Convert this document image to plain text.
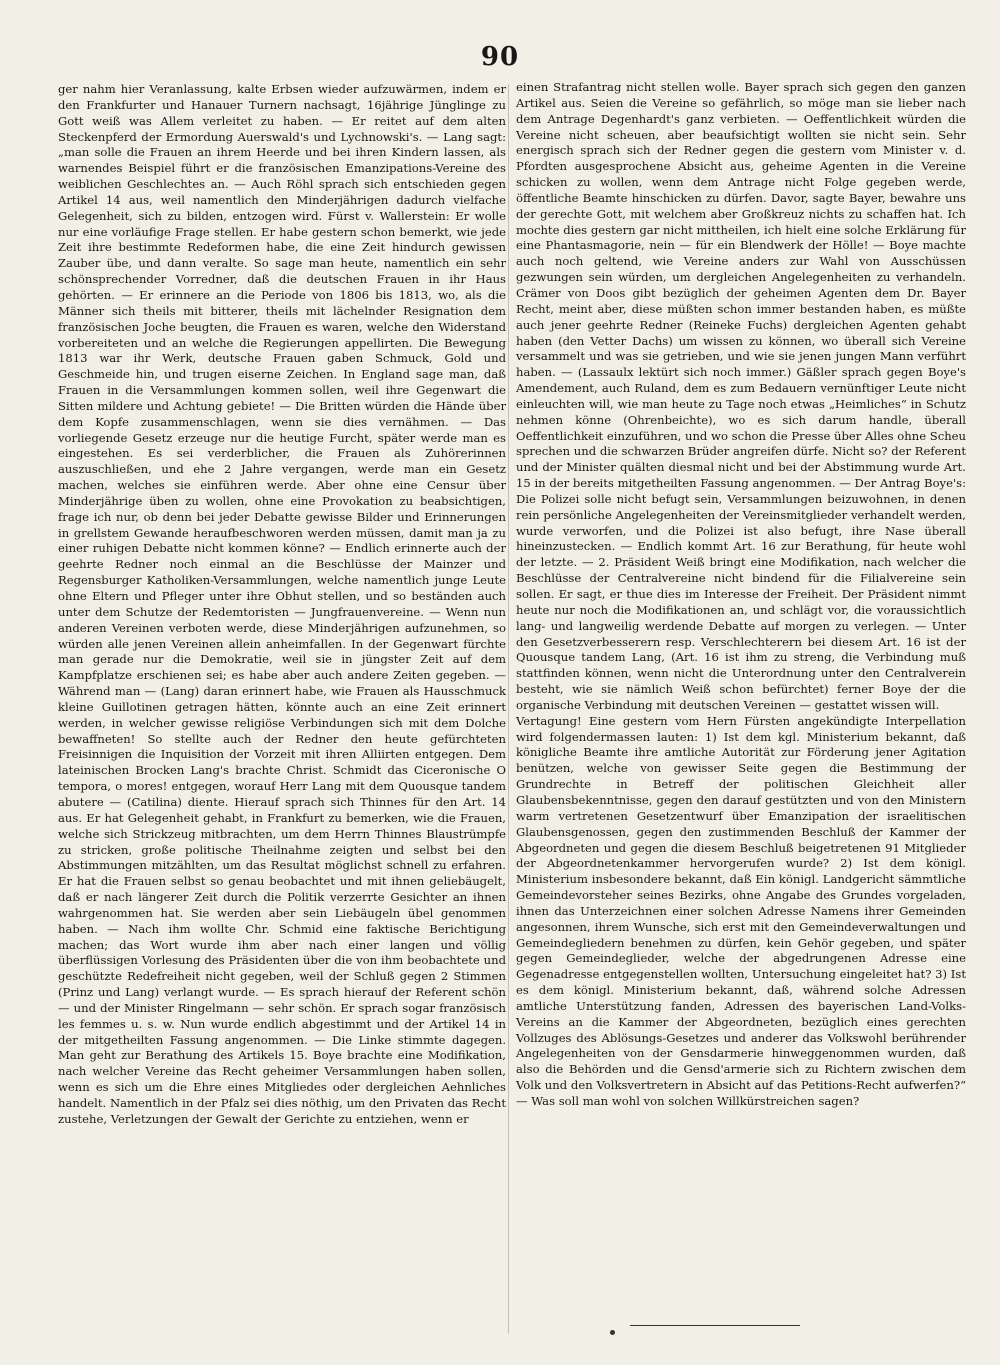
90

ger nahm hier Veranlassung, kalte Erbsen wieder aufzuwärmen, indem er den Frankfurter und Hanauer Turnern nachsagt, 16jährige Jünglinge zu Gott weiß was Allem verleitet zu haben. — Er reitet auf dem alten Steckenpferd der Ermordung Auerswald's und Lychnowski's. — Lang sagt: „man solle die Frauen an ihrem Heerde und bei ihren Kindern lassen, als warnendes Beispiel führt er die französischen Emanzipations-Vereine des weiblichen Geschlechtes an. — Auch Röhl sprach sich entschieden gegen Artikel 14 aus, weil namentlich den Minderjährigen dadurch vielfache Gelegenheit, sich zu bilden, entzogen wird. Fürst v. Wallerstein: Er wolle nur eine vorläufige Frage stellen. Er habe gestern schon bemerkt, wie jede Zeit ihre bestimmte Redeformen habe, die eine Zeit hindurch gewissen Zauber übe, und dann veralte. So sage man heute, namentlich ein sehr schönsprechender Vorredner, daß die deutschen Frauen in ihr Haus gehörten. — Er erinnere an die Periode von 1806 bis 1813, wo, als die Männer sich theils mit bitterer, theils mit lächelnder Resignation dem französischen Joche beugten, die Frauen es waren, welche den Widerstand vorbereiteten und an welche die Regierungen appellirten. Die Bewegung 1813 war ihr Werk, deutsche Frauen gaben Schmuck, Gold und Geschmeide hin, und trugen eiserne Zeichen. In England sage man, daß Frauen in die Versammlungen kommen sollen, weil ihre Gegenwart die Sitten mildere und Achtung gebiete! — Die Britten würden die Hände über dem Kopfe zusammenschlagen, wenn sie dies vernähmen. — Das vorliegende Gesetz erzeuge nur die heutige Furcht, später werde man es eingestehen. Es sei verderblicher, die Frauen als Zuhörerinnen auszuschließen, und ehe 2 Jahre vergangen, werde man ein Gesetz machen, welches sie einführen werde. Aber ohne eine Censur über Minderjährige üben zu wollen, ohne eine Provokation zu beabsichtigen, frage ich nur, ob denn bei jeder Debatte gewisse Bilder und Erinnerungen in grellstem Gewande heraufbeschworen werden müssen, damit man ja zu einer ruhigen Debatte nicht kommen könne? — Endlich erinnerte auch der geehrte Redner noch einmal an die Beschlüsse der Mainzer und Regensburger Katholiken-Versammlungen, welche namentlich junge Leute ohne Eltern und Pfleger unter ihre Obhut stellen, und so beständen auch unter dem Schutze der Redemtoristen — Jungfrauenvereine. — Wenn nun anderen Vereinen verboten werde, diese Minderjährigen aufzunehmen, so würden alle jenen Vereinen allein anheimfallen. In der Gegenwart fürchte man gerade nur die Demokratie, weil sie in jüngster Zeit auf dem Kampfplatze erschienen sei; es habe aber auch andere Zeiten gegeben. — Während man — (Lang) daran erinnert habe, wie Frauen als Hausschmuck kleine Guillotinen getragen hätten, könnte auch an eine Zeit erinnert werden, in welcher gewisse religiöse Verbindungen sich mit dem Dolche bewaffneten! So stellte auch der Redner den heute gefürchteten Freisinnigen die Inquisition der Vorzeit mit ihren Alliirten entgegen. Dem lateinischen Brocken Lang's brachte Christ. Schmidt das Ciceronische O tempora, o mores! entgegen, worauf Herr Lang mit dem Quousque tandem abutere — (Catilina) diente. Hierauf sprach sich Thinnes für den Art. 14 aus. Er hat Gelegenheit gehabt, in Frankfurt zu bemerken, wie die Frauen, welche sich Strickzeug mitbrachten, um dem Herrn Thinnes Blaustrümpfe zu stricken, große politische Theilnahme zeigten und selbst bei den Abstimmungen mitzählten, um das Resultat möglichst schnell zu erfahren. Er hat die Frauen selbst so genau beobachtet und mit ihnen geliebäugelt, daß er nach längerer Zeit durch die Politik verzerrte Gesichter an ihnen wahrgenommen hat. Sie werden aber sein Liebäugeln übel genommen haben. — Nach ihm wollte Chr. Schmid eine faktische Berichtigung machen; das Wort wurde ihm aber nach einer langen und völlig überflüssigen Vorlesung des Präsidenten über die von ihm beobachtete und geschützte Redefreiheit nicht gegeben, weil der Schluß gegen 2 Stimmen (Prinz und Lang) verlangt wurde. — Es sprach hierauf der Referent schön — und der Minister Ringelmann — sehr schön. Er sprach sogar französisch les femmes u. s. w. Nun wurde endlich abgestimmt und der Artikel 14 in der mitgetheilten Fassung angenommen. — Die Linke stimmte dagegen. Man geht zur Berathung des Artikels 15. Boye brachte eine Modifikation, nach welcher Vereine das Recht geheimer Versammlungen haben sollen, wenn es sich um die Ehre eines Mitgliedes oder dergleichen Aehnliches handelt. Namentlich in der Pfalz sei dies nöthig, um den Privaten das Recht zustehe, Verletzungen der Gewalt der Gerichte zu entziehen, wenn er

einen Strafantrag nicht stellen wolle. Bayer sprach sich gegen den ganzen Artikel aus. Seien die Vereine so gefährlich, so möge man sie lieber nach dem Antrage Degenhardt's ganz verbieten. — Oeffentlichkeit würden die Vereine nicht scheuen, aber beaufsichtigt wollten sie nicht sein. Sehr energisch sprach sich der Redner gegen die gestern vom Minister v. d. Pfordten ausgesprochene Absicht aus, geheime Agenten in die Vereine schicken zu wollen, wenn dem Antrage nicht Folge gegeben werde, öffentliche Beamte hinschicken zu dürfen. Davor, sagte Bayer, bewahre uns der gerechte Gott, mit welchem aber Großkreuz nichts zu schaffen hat. Ich mochte dies gestern gar nicht mittheilen, ich hielt eine solche Erklärung für eine Phantasmagorie, nein — für ein Blendwerk der Hölle! — Boye machte auch noch geltend, wie Vereine anders zur Wahl von Ausschüssen gezwungen sein würden, um dergleichen Angelegenheiten zu verhandeln. Crämer von Doos gibt bezüglich der geheimen Agenten dem Dr. Bayer Recht, meint aber, diese müßten schon immer bestanden haben, es müßte auch jener geehrte Redner (Reineke Fuchs) dergleichen Agenten gehabt haben (den Vetter Dachs) um wissen zu können, wo überall sich Vereine versammelt und was sie getrieben, und wie sie jenen jungen Mann verführt haben. — (Lassaulx lektürt sich noch immer.) Gäßler sprach gegen Boye's Amendement, auch Ruland, dem es zum Bedauern vernünftiger Leute nicht einleuchten will, wie man heute zu Tage noch etwas „Heimliches“ in Schutz nehmen könne (Ohrenbeichte), wo es sich darum handle, überall Oeffentlichkeit einzuführen, und wo schon die Presse über Alles ohne Scheu sprechen und die schwarzen Brüder angreifen dürfe. Nicht so? der Referent und der Minister quälten diesmal nicht und bei der Abstimmung wurde Art. 15 in der bereits mitgetheilten Fassung angenommen. — Der Antrag Boye's: Die Polizei solle nicht befugt sein, Versammlungen beizuwohnen, in denen rein persönliche Angelegenheiten der Vereinsmitglieder verhandelt werden, wurde verworfen, und die Polizei ist also befugt, ihre Nase überall hineinzustecken. — Endlich kommt Art. 16 zur Berathung, für heute wohl der letzte. — 2. Präsident Weiß bringt eine Modifikation, nach welcher die Beschlüsse der Centralvereine nicht bindend für die Filialvereine sein sollen. Er sagt, er thue dies im Interesse der Freiheit. Der Präsident nimmt heute nur noch die Modifikationen an, und schlägt vor, die voraussichtlich lang- und langweilig werdende Debatte auf morgen zu verlegen. — Unter den Gesetzverbesserern resp. Verschlechterern bei diesem Art. 16 ist der Quousque tandem Lang, (Art. 16 ist ihm zu streng, die Verbindung muß stattfinden können, wenn nicht die Unterordnung unter den Centralverein besteht, wie sie nämlich Weiß schon befürchtet) ferner Boye der die organische Verbindung mit deutschen Vereinen — gestattet wissen will.

Vertagung! Eine gestern vom Hern Fürsten angekündigte Interpellation wird folgendermassen lauten: 1) Ist dem kgl. Ministerium bekannt, daß königliche Beamte ihre amtliche Autorität zur Förderung jener Agitation benützen, welche von gewisser Seite gegen die Bestimmung der Grundrechte in Betreff der politischen Gleichheit aller Glaubensbekenntnisse, gegen den darauf gestützten und von den Ministern warm vertretenen Gesetzentwurf über Emanzipation der israelitischen Glaubensgenossen, gegen den zustimmenden Beschluß der Kammer der Abgeordneten und gegen die diesem Beschluß beigetretenen 91 Mitglieder der Abgeordnetenkammer hervorgerufen wurde? 2) Ist dem königl. Ministerium insbesondere bekannt, daß Ein königl. Landgericht sämmtliche Gemeindevorsteher seines Bezirks, ohne Angabe des Grundes vorgeladen, ihnen das Unterzeichnen einer solchen Adresse Namens ihrer Gemeinden angesonnen, ihrem Wunsche, sich erst mit den Gemeindeverwaltungen und Gemeindegliedern benehmen zu dürfen, kein Gehör gegeben, und später gegen Gemeindeglieder, welche der abgedrungenen Adresse eine Gegenadresse entgegenstellen wollten, Untersuchung eingeleitet hat? 3) Ist es dem königl. Ministerium bekannt, daß, während solche Adressen amtliche Unterstützung fanden, Adressen des bayerischen Land-Volks-Vereins an die Kammer der Abgeordneten, bezüglich eines gerechten Vollzuges des Ablösungs-Gesetzes und anderer das Volkswohl berührender Angelegenheiten von der Gensdarmerie hinweggenommen wurden, daß also die Behörden und die Gensd'armerie sich zu Richtern zwischen dem Volk und den Volksvertretern in Absicht auf das Petitions-Recht aufwerfen?“ — Was soll man wohl von solchen Willkürstreichen sagen?
